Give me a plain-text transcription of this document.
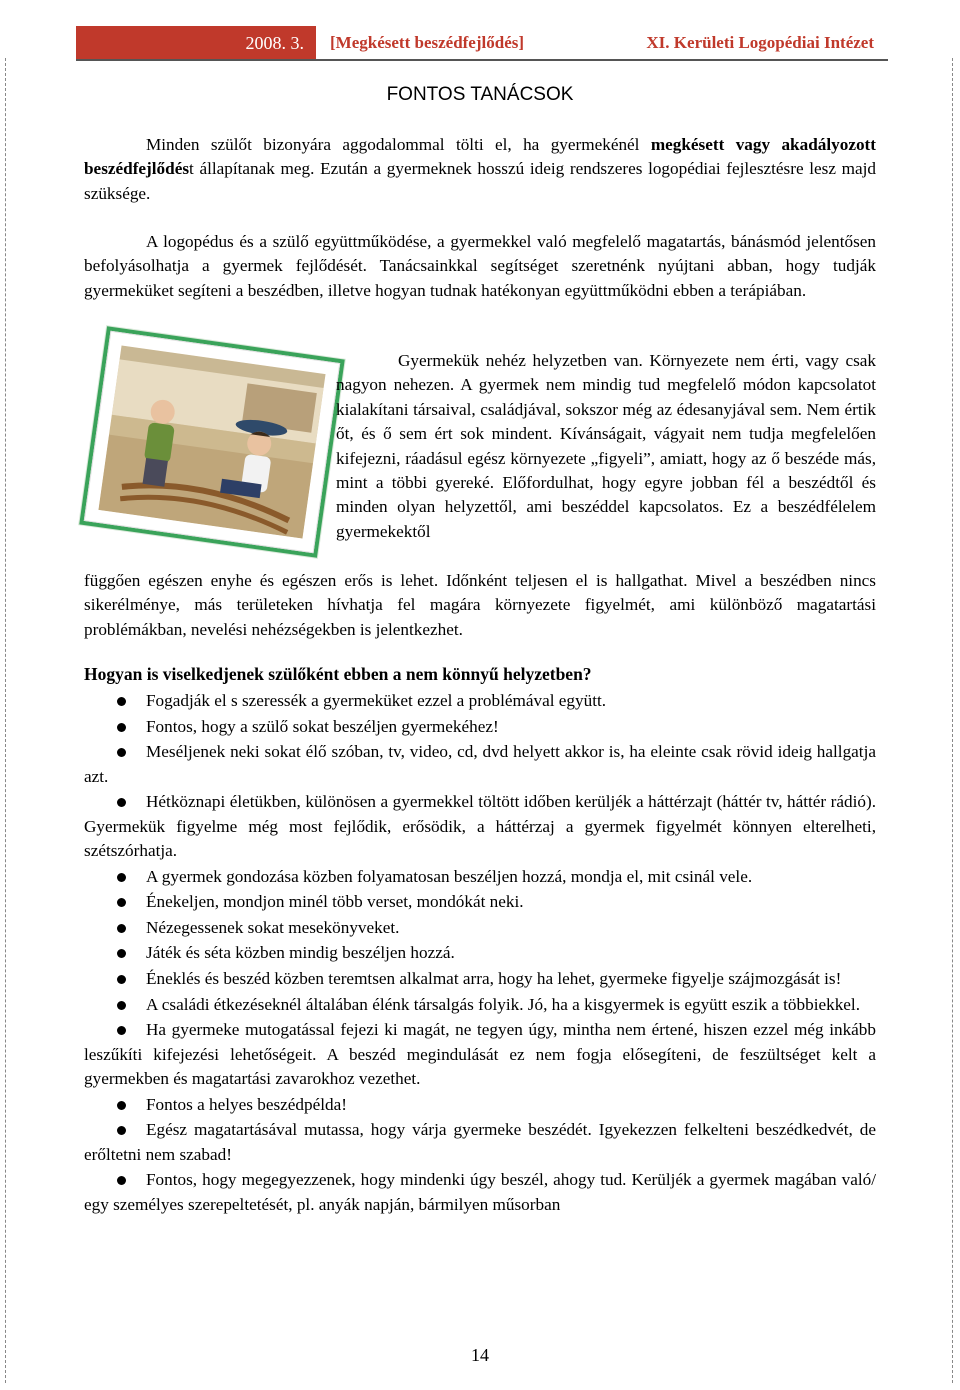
2008. 3.	[Megkésett beszédfejlődés]	XI. Kerületi Logopédiai Intézet
FONTOS TANÁCSOK
Minden szülőt bizonyára aggodalommal tölti el, ha gyermekénél megkésett vagy akadályozott beszédfejlődést állapítanak meg. Ezután a gyermeknek hosszú ideig rendszeres logopédiai fejlesztésre lesz majd szüksége.
A logopédus és a szülő együttműködése, a gyermekkel való megfelelő magatartás, bánásmód jelentősen befolyásolhatja a gyermek fejlődését. Tanácsainkkal segítséget szeretnénk nyújtani abban, hogy tudják gyermeküket segíteni a beszédben, illetve hogyan tudnak hatékonyan együttműködni ebben a terápiában.
Gyermekük nehéz helyzetben van. Környezete nem érti, vagy csak nagyon nehezen. A gyermek nem mindig tud megfelelő módon kapcsolatot kialakítani társaival, családjával, sokszor még az édesanyjával sem. Nem értik őt, és ő sem ért sok mindent. Kívánságait, vágyait nem tudja megfelelően kifejezni, ráadásul egész környezete „figyeli”, amiatt, hogy az ő beszéde más, mint a többi gyereké. Előfordulhat, hogy egyre jobban fél a beszédtől és minden olyan helyzettől, ami beszéddel kapcsolatos. Ez a beszédfélelem gyermekektől
függően egészen enyhe és egészen erős is lehet. Időnként teljesen el is hallgathat. Mivel a beszédben nincs sikerélménye, más területeken hívhatja fel magára környezete figyelmét, ami különböző magatartási problémákban, nevelési nehézségekben is jelentkezhet.
Hogyan is viselkedjenek szülőként ebben a nem könnyű helyzetben?
Fogadják el s szeressék a gyermeküket ezzel a problémával együtt.
Fontos, hogy a szülő sokat beszéljen gyermekéhez!
Meséljenek neki sokat élő szóban, tv, video, cd, dvd helyett akkor is, ha eleinte csak rövid ideig hallgatja azt.
Hétköznapi életükben, különösen a gyermekkel töltött időben kerüljék a háttérzajt (háttér tv, háttér rádió). Gyermekük figyelme még most fejlődik, erősödik, a háttérzaj a gyermek figyelmét könnyen elterelheti, szétszórhatja.
A gyermek gondozása közben folyamatosan beszéljen hozzá, mondja el, mit csinál vele.
Énekeljen, mondjon minél több verset, mondókát neki.
Nézegessenek sokat mesekönyveket.
Játék és séta közben mindig beszéljen hozzá.
Éneklés és beszéd közben teremtsen alkalmat arra, hogy ha lehet, gyermeke figyelje szájmozgását is!
A családi étkezéseknél általában élénk társalgás folyik. Jó, ha a kisgyermek is együtt eszik a többiekkel.
Ha gyermeke mutogatással fejezi ki magát, ne tegyen úgy, mintha nem értené, hiszen ezzel még inkább leszűkíti kifejezési lehetőségeit. A beszéd megindulását ez nem fogja elősegíteni, de feszültséget kelt a gyermekben és magatartási zavarokhoz vezethet.
Fontos a helyes beszédpélda!
Egész magatartásával mutassa, hogy várja gyermeke beszédét. Igyekezzen felkelteni beszédkedvét, de erőltetni nem szabad!
Fontos, hogy megegyezzenek, hogy mindenki úgy beszél, ahogy tud. Kerüljék a gyermek magában való/ egy személyes szerepeltetését, pl. anyák napján, bármilyen műsorban
14
